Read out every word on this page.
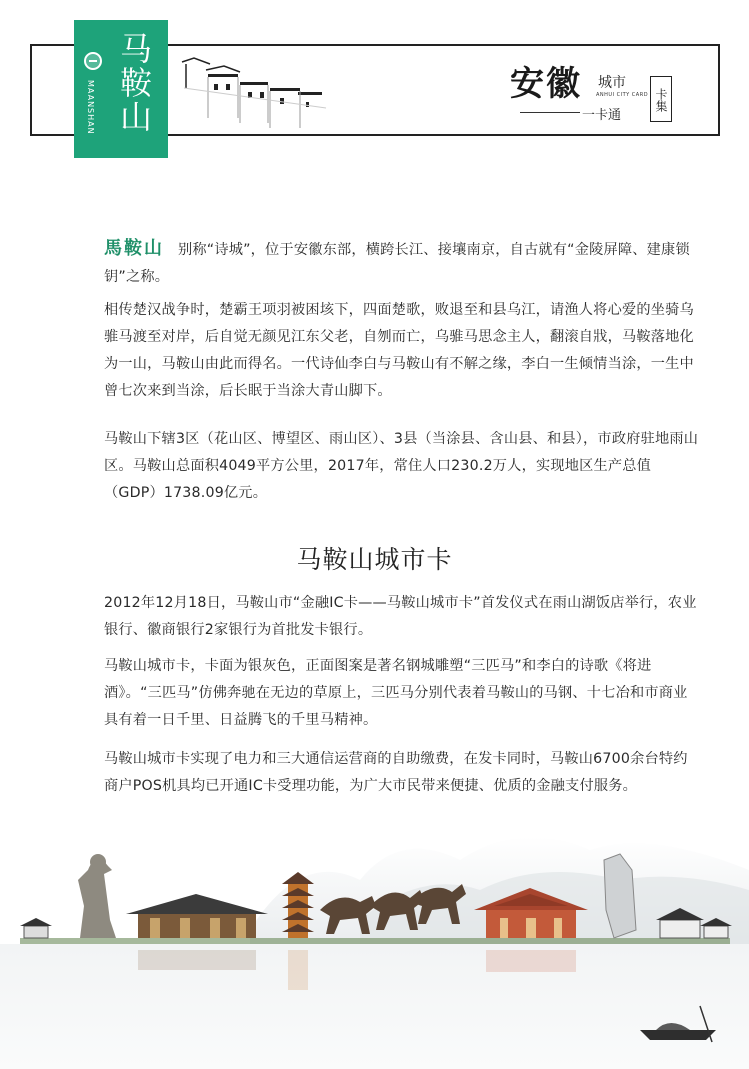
马鞍山
MAANSHAN	安徽 城市
ANHUI CITY CARD
一卡通
卡集
馬鞍山 别称“诗城”，位于安徽东部，横跨长江、接壤南京，自古就有“金陵屏障、建康锁钥”之称。
相传楚汉战争时，楚霸王项羽被困垓下，四面楚歌，败退至和县乌江，请渔人将心爱的坐骑乌骓马渡至对岸，后自觉无颜见江东父老，自刎而亡，乌骓马思念主人，翻滚自戕，马鞍落地化为一山，马鞍山由此而得名。一代诗仙李白与马鞍山有不解之缘，李白一生倾情当涂，一生中曾七次来到当涂，后长眠于当涂大青山脚下。
马鞍山下辖3区（花山区、博望区、雨山区）、3县（当涂县、含山县、和县），市政府驻地雨山区。马鞍山总面积4049平方公里，2017年，常住人口230.2万人，实现地区生产总值（GDP）1738.09亿元。
马鞍山城市卡
2012年12月18日，马鞍山市“金融IC卡——马鞍山城市卡”首发仪式在雨山湖饭店举行，农业银行、徽商银行2家银行为首批发卡银行。
马鞍山城市卡，卡面为银灰色，正面图案是著名钢城雕塑“三匹马”和李白的诗歌《将进酒》。“三匹马”仿佛奔驰在无边的草原上，三匹马分别代表着马鞍山的马钢、十七冶和市商业具有着一日千里、日益腾飞的千里马精神。
马鞍山城市卡实现了电力和三大通信运营商的自助缴费，在发卡同时，马鞍山6700余台特约商户POS机具均已开通IC卡受理功能，为广大市民带来便捷、优质的金融支付服务。
